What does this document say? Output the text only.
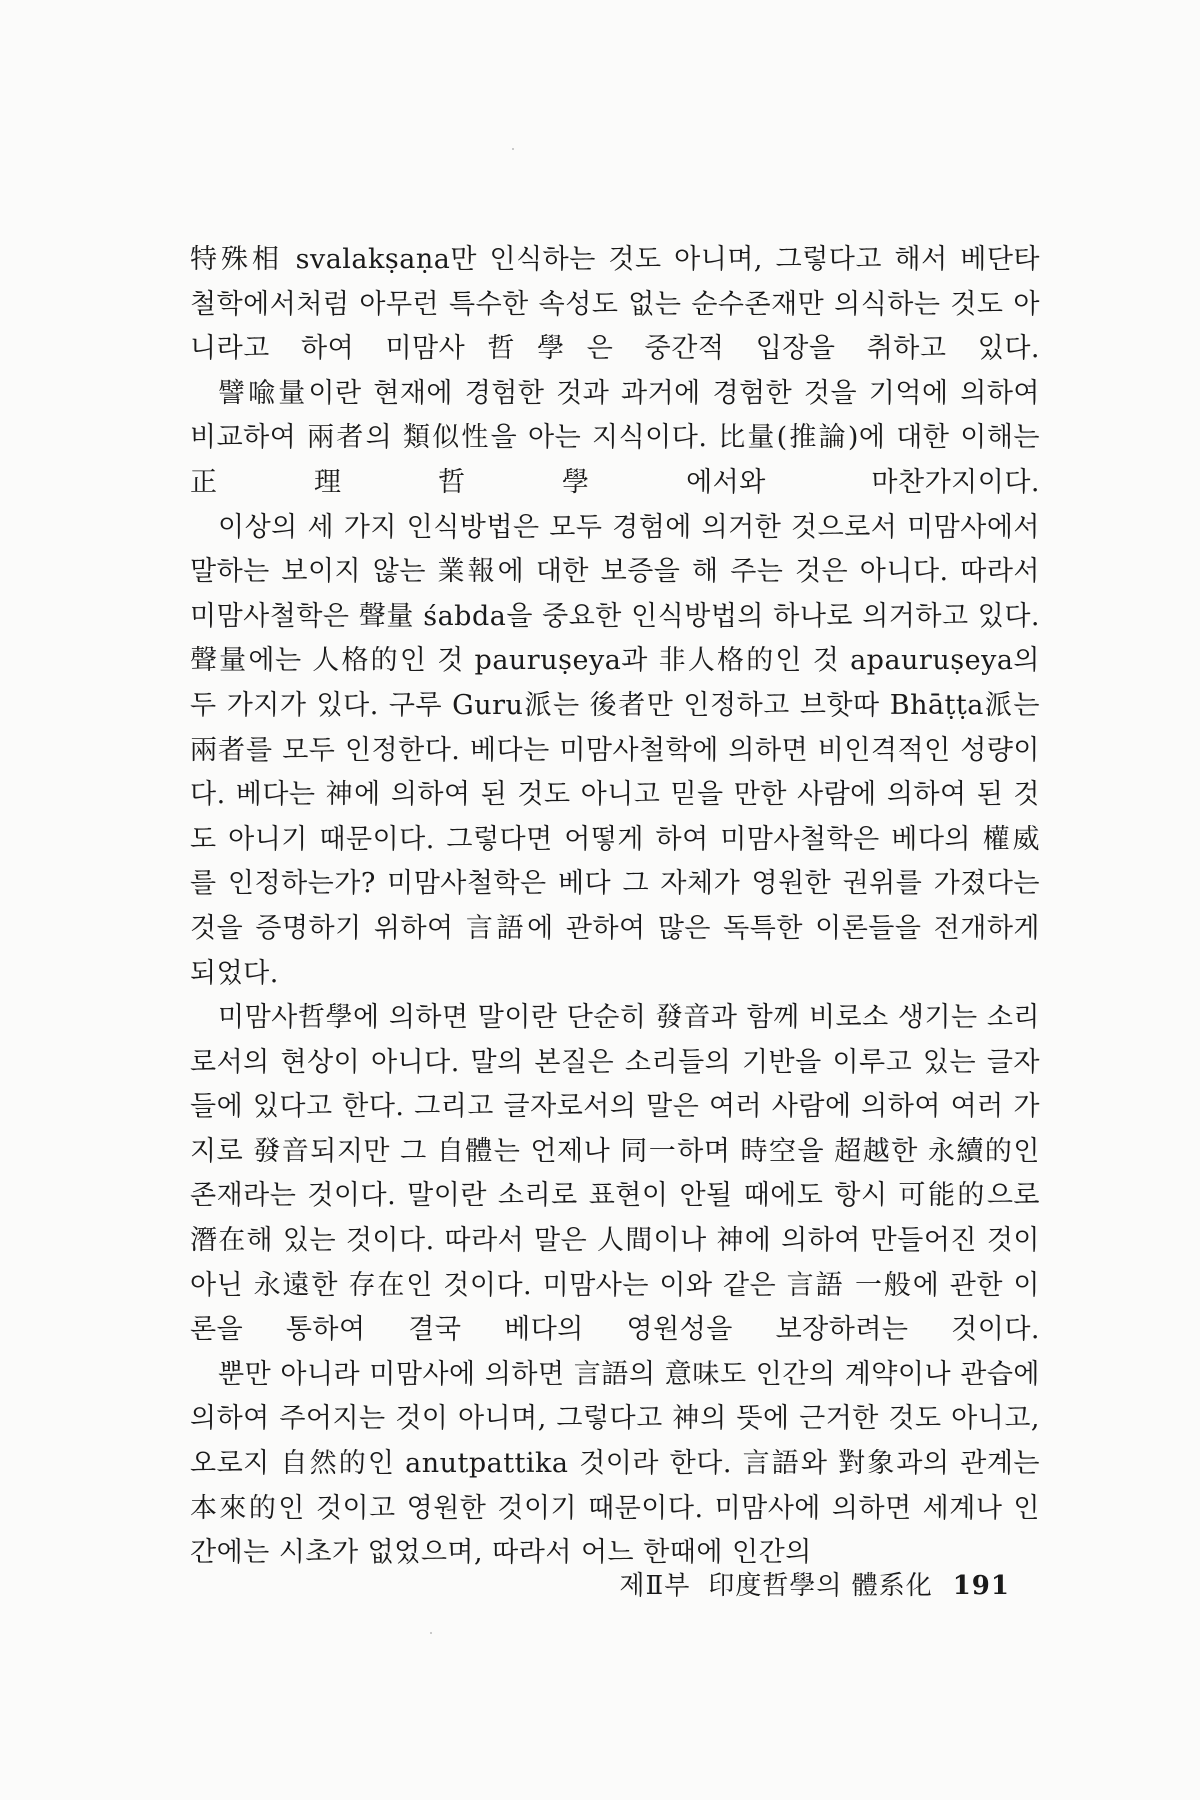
特殊相 svalakṣaṇa만 인식하는 것도 아니며, 그렇다고 해서 베단타 철학에서처럼 아무런 특수한 속성도 없는 순수존재만 의식하는 것도 아니라고 하여 미맘사哲學은 중간적 입장을 취하고 있다.

譬喩量이란 현재에 경험한 것과 과거에 경험한 것을 기억에 의하여 비교하여 兩者의 類似性을 아는 지식이다. 比量(推論)에 대한 이해는 正理哲學에서와 마찬가지이다.

이상의 세 가지 인식방법은 모두 경험에 의거한 것으로서 미맘사에서 말하는 보이지 않는 業報에 대한 보증을 해 주는 것은 아니다. 따라서 미맘사철학은 聲量 śabda을 중요한 인식방법의 하나로 의거하고 있다. 聲量에는 人格的인 것 pauruṣeya과 非人格的인 것 apauruṣeya의 두 가지가 있다. 구루 Guru派는 後者만 인정하고 브핫따 Bhāṭṭa派는 兩者를 모두 인정한다. 베다는 미맘사철학에 의하면 비인격적인 성량이다. 베다는 神에 의하여 된 것도 아니고 믿을 만한 사람에 의하여 된 것도 아니기 때문이다. 그렇다면 어떻게 하여 미맘사철학은 베다의 權威를 인정하는가? 미맘사철학은 베다 그 자체가 영원한 권위를 가졌다는 것을 증명하기 위하여 言語에 관하여 많은 독특한 이론들을 전개하게 되었다.

미맘사哲學에 의하면 말이란 단순히 發音과 함께 비로소 생기는 소리로서의 현상이 아니다. 말의 본질은 소리들의 기반을 이루고 있는 글자들에 있다고 한다. 그리고 글자로서의 말은 여러 사람에 의하여 여러 가지로 發音되지만 그 自體는 언제나 同一하며 時空을 超越한 永續的인 존재라는 것이다. 말이란 소리로 표현이 안될 때에도 항시 可能的으로 潛在해 있는 것이다. 따라서 말은 人間이나 神에 의하여 만들어진 것이 아닌 永遠한 存在인 것이다. 미맘사는 이와 같은 言語 一般에 관한 이론을 통하여 결국 베다의 영원성을 보장하려는 것이다.

뿐만 아니라 미맘사에 의하면 言語의 意味도 인간의 계약이나 관습에 의하여 주어지는 것이 아니며, 그렇다고 神의 뜻에 근거한 것도 아니고, 오로지 自然的인 anutpattika 것이라 한다. 言語와 對象과의 관계는 本來的인 것이고 영원한 것이기 때문이다. 미맘사에 의하면 세계나 인간에는 시초가 없었으며, 따라서 어느 한때에 인간의

제Ⅱ부 印度哲學의 體系化 191
